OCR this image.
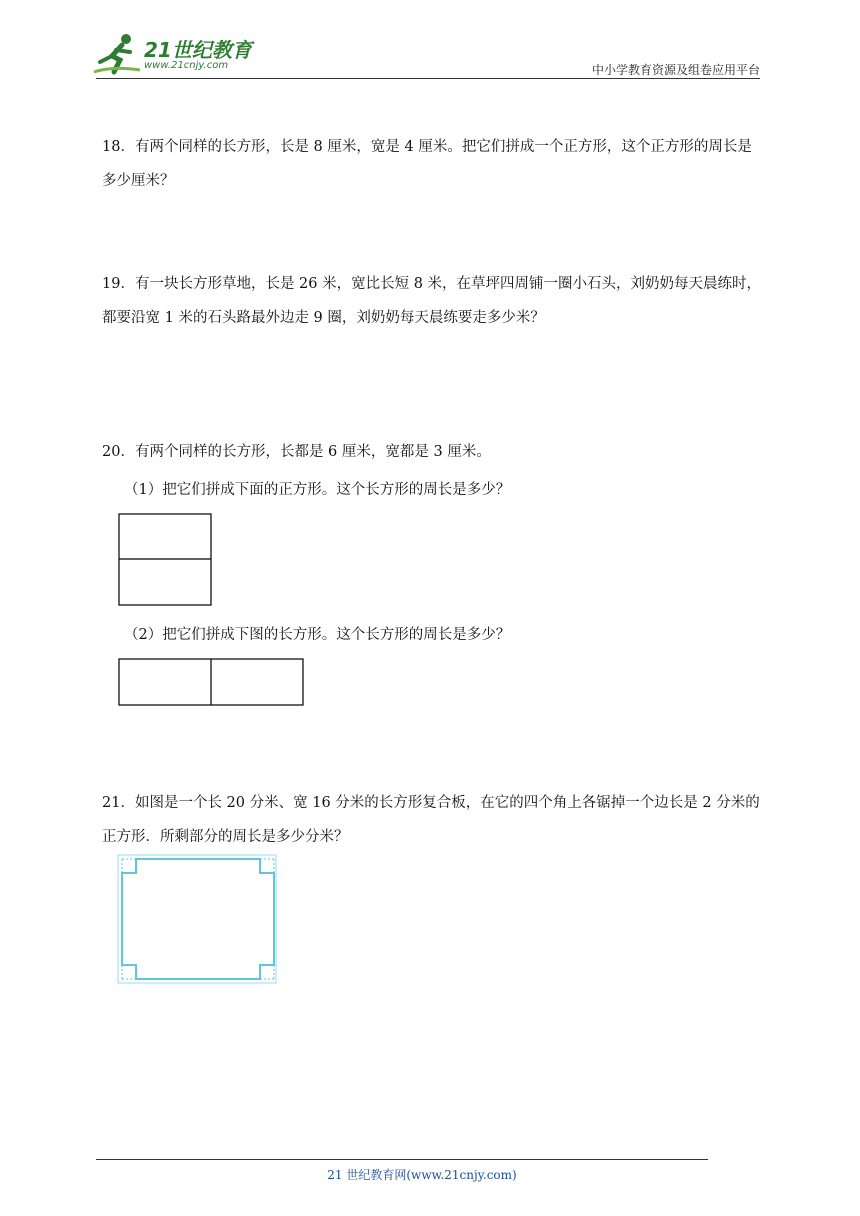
21世纪教育
www.21cnjy.com	中小学教育资源及组卷应用平台
18．有两个同样的长方形，长是 8 厘米，宽是 4 厘米。把它们拼成一个正方形，这个正方形的周长是多少厘米？
19．有一块长方形草地，长是 26 米，宽比长短 8 米，在草坪四周铺一圈小石头，刘奶奶每天晨练时，都要沿宽 1 米的石头路最外边走 9 圈，刘奶奶每天晨练要走多少米？
20．有两个同样的长方形，长都是 6 厘米，宽都是 3 厘米。
（1）把它们拼成下面的正方形。这个长方形的周长是多少？
（2）把它们拼成下图的长方形。这个长方形的周长是多少？
21．如图是一个长 20 分米、宽 16 分米的长方形复合板，在它的四个角上各锯掉一个边长是 2 分米的正方形．所剩部分的周长是多少分米？
21 世纪教育网(www.21cnjy.com)
